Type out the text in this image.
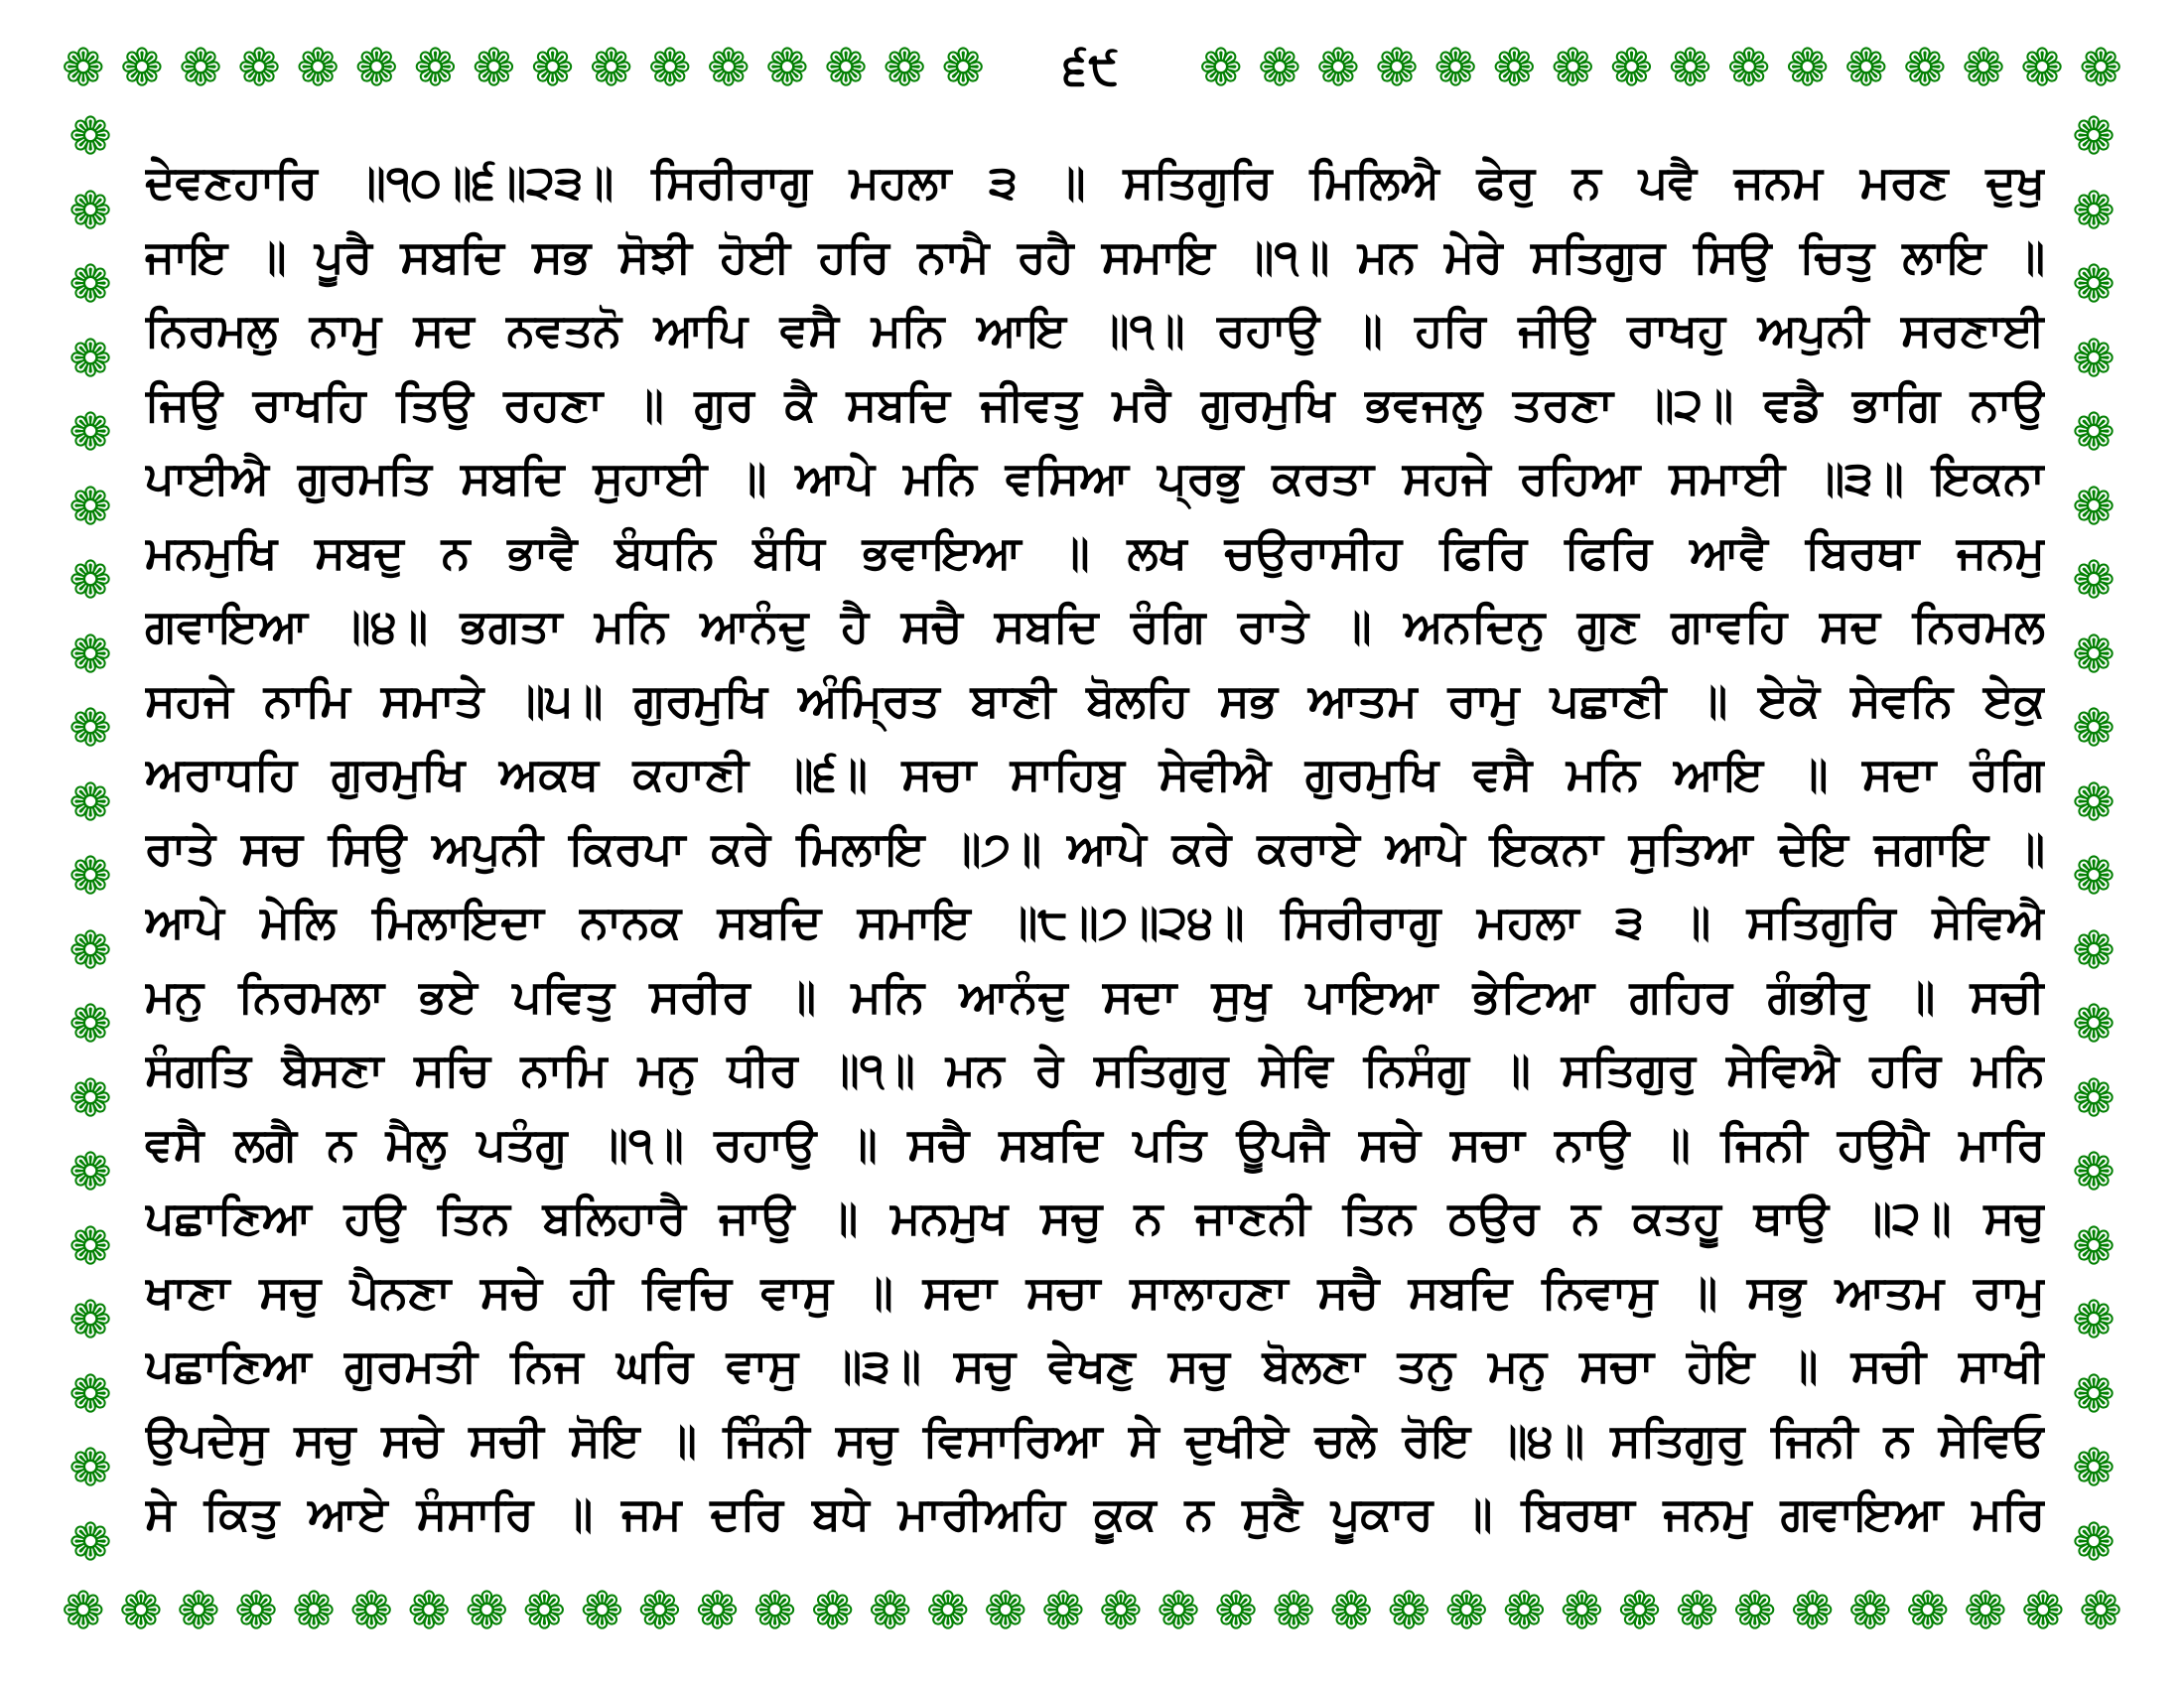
❁ ❁ ❁ ❁ ❁ ❁ ❁ ❁ ❁ ❁ ❁ ❁ ❁ ❁ ❁ ❁	੬੯	❁ ❁ ❁ ❁ ❁ ❁ ❁ ❁ ❁ ❁ ❁ ❁ ❁ ❁ ❁ ❁
❁
❁
❁
❁
❁
❁
❁
❁
❁
❁
❁
❁
❁
❁
❁
❁
❁
❁
❁
❁
❁
❁
❁
❁
❁
❁
❁
❁
❁
❁
❁
❁
❁
❁
❁
❁
❁
❁
❁
❁
❁ ❁ ❁ ❁ ❁ ❁ ❁ ❁ ❁ ❁ ❁ ❁ ❁ ❁ ❁ ❁ ❁ ❁ ❁ ❁ ❁ ❁ ❁ ❁ ❁ ❁ ❁ ❁ ❁ ❁ ❁ ❁ ❁ ❁ ❁ ❁
ਦੇਵਣਹਾਰਿ ॥੧੦॥੬॥੨੩॥ ਸਿਰੀਰਾਗੁ ਮਹਲਾ ੩ ॥ ਸਤਿਗੁਰਿ ਮਿਲਿਐ ਫੇਰੁ ਨ ਪਵੈ ਜਨਮ ਮਰਣ ਦੁਖੁ
ਜਾਇ ॥ ਪੂਰੈ ਸਬਦਿ ਸਭ ਸੋਝੀ ਹੋਈ ਹਰਿ ਨਾਮੈ ਰਹੈ ਸਮਾਇ ॥੧॥ ਮਨ ਮੇਰੇ ਸਤਿਗੁਰ ਸਿਉ ਚਿਤੁ ਲਾਇ ॥
ਨਿਰਮਲੁ ਨਾਮੁ ਸਦ ਨਵਤਨੋ ਆਪਿ ਵਸੈ ਮਨਿ ਆਇ ॥੧॥ ਰਹਾਉ ॥ ਹਰਿ ਜੀਉ ਰਾਖਹੁ ਅਪੁਨੀ ਸਰਣਾਈ
ਜਿਉ ਰਾਖਹਿ ਤਿਉ ਰਹਣਾ ॥ ਗੁਰ ਕੈ ਸਬਦਿ ਜੀਵਤੁ ਮਰੈ ਗੁਰਮੁਖਿ ਭਵਜਲੁ ਤਰਣਾ ॥੨॥ ਵਡੈ ਭਾਗਿ ਨਾਉ
ਪਾਈਐ ਗੁਰਮਤਿ ਸਬਦਿ ਸੁਹਾਈ ॥ ਆਪੇ ਮਨਿ ਵਸਿਆ ਪ੍ਰਭੁ ਕਰਤਾ ਸਹਜੇ ਰਹਿਆ ਸਮਾਈ ॥੩॥ ਇਕਨਾ
ਮਨਮੁਖਿ ਸਬਦੁ ਨ ਭਾਵੈ ਬੰਧਨਿ ਬੰਧਿ ਭਵਾਇਆ ॥ ਲਖ ਚਉਰਾਸੀਹ ਫਿਰਿ ਫਿਰਿ ਆਵੈ ਬਿਰਥਾ ਜਨਮੁ
ਗਵਾਇਆ ॥੪॥ ਭਗਤਾ ਮਨਿ ਆਨੰਦੁ ਹੈ ਸਚੈ ਸਬਦਿ ਰੰਗਿ ਰਾਤੇ ॥ ਅਨਦਿਨੁ ਗੁਣ ਗਾਵਹਿ ਸਦ ਨਿਰਮਲ
ਸਹਜੇ ਨਾਮਿ ਸਮਾਤੇ ॥੫॥ ਗੁਰਮੁਖਿ ਅੰਮ੍ਰਿਤ ਬਾਣੀ ਬੋਲਹਿ ਸਭ ਆਤਮ ਰਾਮੁ ਪਛਾਣੀ ॥ ਏਕੋ ਸੇਵਨਿ ਏਕੁ
ਅਰਾਧਹਿ ਗੁਰਮੁਖਿ ਅਕਥ ਕਹਾਣੀ ॥੬॥ ਸਚਾ ਸਾਹਿਬੁ ਸੇਵੀਐ ਗੁਰਮੁਖਿ ਵਸੈ ਮਨਿ ਆਇ ॥ ਸਦਾ ਰੰਗਿ
ਰਾਤੇ ਸਚ ਸਿਉ ਅਪੁਨੀ ਕਿਰਪਾ ਕਰੇ ਮਿਲਾਇ ॥੭॥ ਆਪੇ ਕਰੇ ਕਰਾਏ ਆਪੇ ਇਕਨਾ ਸੁਤਿਆ ਦੇਇ ਜਗਾਇ ॥
ਆਪੇ ਮੇਲਿ ਮਿਲਾਇਦਾ ਨਾਨਕ ਸਬਦਿ ਸਮਾਇ ॥੮॥੭॥੨੪॥ ਸਿਰੀਰਾਗੁ ਮਹਲਾ ੩ ॥ ਸਤਿਗੁਰਿ ਸੇਵਿਐ
ਮਨੁ ਨਿਰਮਲਾ ਭਏ ਪਵਿਤੁ ਸਰੀਰ ॥ ਮਨਿ ਆਨੰਦੁ ਸਦਾ ਸੁਖੁ ਪਾਇਆ ਭੇਟਿਆ ਗਹਿਰ ਗੰਭੀਰੁ ॥ ਸਚੀ
ਸੰਗਤਿ ਬੈਸਣਾ ਸਚਿ ਨਾਮਿ ਮਨੁ ਧੀਰ ॥੧॥ ਮਨ ਰੇ ਸਤਿਗੁਰੁ ਸੇਵਿ ਨਿਸੰਗੁ ॥ ਸਤਿਗੁਰੁ ਸੇਵਿਐ ਹਰਿ ਮਨਿ
ਵਸੈ ਲਗੈ ਨ ਮੈਲੁ ਪਤੰਗੁ ॥੧॥ ਰਹਾਉ ॥ ਸਚੈ ਸਬਦਿ ਪਤਿ ਊਪਜੈ ਸਚੇ ਸਚਾ ਨਾਉ ॥ ਜਿਨੀ ਹਉਮੈ ਮਾਰਿ
ਪਛਾਣਿਆ ਹਉ ਤਿਨ ਬਲਿਹਾਰੈ ਜਾਉ ॥ ਮਨਮੁਖ ਸਚੁ ਨ ਜਾਣਨੀ ਤਿਨ ਠਉਰ ਨ ਕਤਹੂ ਥਾਉ ॥੨॥ ਸਚੁ
ਖਾਣਾ ਸਚੁ ਪੈਨਣਾ ਸਚੇ ਹੀ ਵਿਚਿ ਵਾਸੁ ॥ ਸਦਾ ਸਚਾ ਸਾਲਾਹਣਾ ਸਚੈ ਸਬਦਿ ਨਿਵਾਸੁ ॥ ਸਭੁ ਆਤਮ ਰਾਮੁ
ਪਛਾਣਿਆ ਗੁਰਮਤੀ ਨਿਜ ਘਰਿ ਵਾਸੁ ॥੩॥ ਸਚੁ ਵੇਖਣੁ ਸਚੁ ਬੋਲਣਾ ਤਨੁ ਮਨੁ ਸਚਾ ਹੋਇ ॥ ਸਚੀ ਸਾਖੀ
ਉਪਦੇਸੁ ਸਚੁ ਸਚੇ ਸਚੀ ਸੋਇ ॥ ਜਿੰਨੀ ਸਚੁ ਵਿਸਾਰਿਆ ਸੇ ਦੁਖੀਏ ਚਲੇ ਰੋਇ ॥੪॥ ਸਤਿਗੁਰੁ ਜਿਨੀ ਨ ਸੇਵਿਓ
ਸੇ ਕਿਤੁ ਆਏ ਸੰਸਾਰਿ ॥ ਜਮ ਦਰਿ ਬਧੇ ਮਾਰੀਅਹਿ ਕੂਕ ਨ ਸੁਣੈ ਪੂਕਾਰ ॥ ਬਿਰਥਾ ਜਨਮੁ ਗਵਾਇਆ ਮਰਿ
